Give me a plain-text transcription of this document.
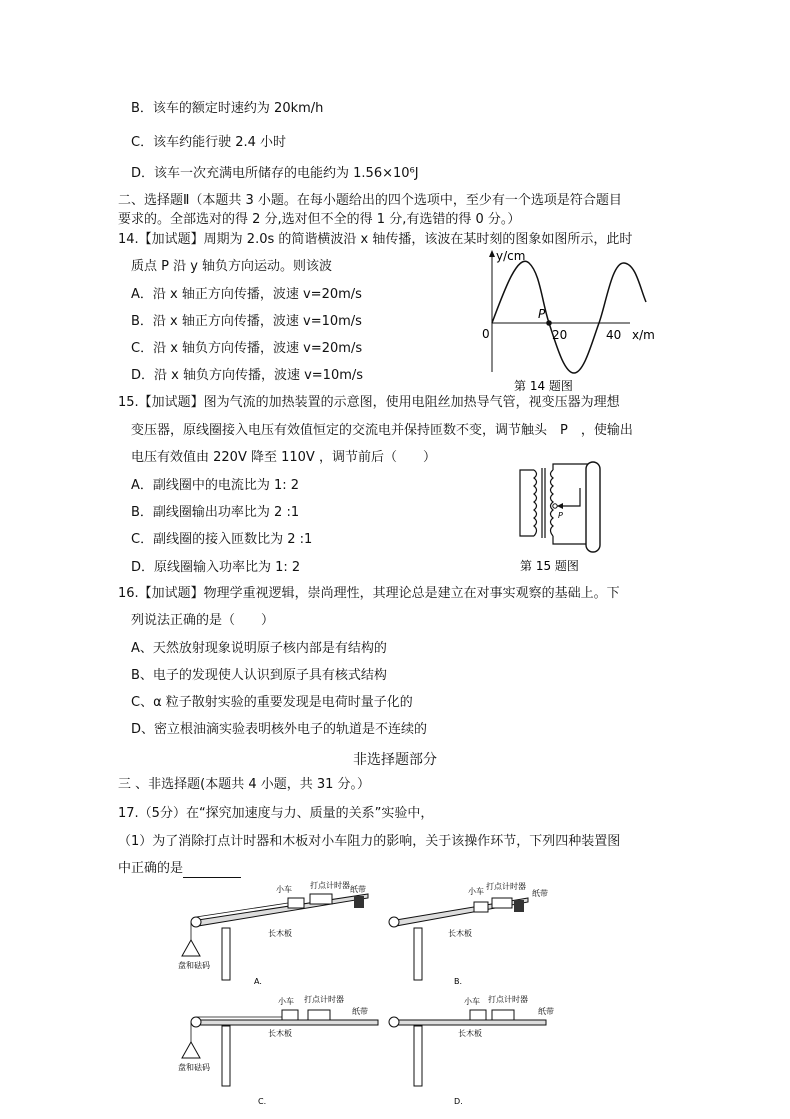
B．该车的额定时速约为 20km/h
C．该车约能行驶 2.4 小时
D．该车一次充满电所储存的电能约为 1.56×10⁶J
二、选择题Ⅱ（本题共 3 小题。在每小题给出的四个选项中，至少有一个选项是符合题目
要求的。全部选对的得 2 分,选对但不全的得 1 分,有选错的得 0 分。）
14.【加试题】周期为 2.0s 的简谐横波沿 x 轴传播，该波在某时刻的图象如图所示，此时
质点 P 沿 y 轴负方向运动。则该波
A．沿 x 轴正方向传播，波速 v=20m/s
B．沿 x 轴正方向传播，波速 v=10m/s
C．沿 x 轴负方向传播，波速 v=20m/s
D．沿 x 轴负方向传播，波速 v=10m/s
y/cm
x/m
0	20	40
P
第 14 题图
15.【加试题】图为气流的加热装置的示意图，使用电阻丝加热导气管，视变压器为理想
变压器，原线圈接入电压有效值恒定的交流电并保持匝数不变，调节触头　P　，使输出
电压有效值由 220V 降至 110V ，调节前后（　　）
A．副线圈中的电流比为 1: 2
B．副线圈输出功率比为 2 :1
C．副线圈的接入匝数比为 2 :1
D．原线圈输入功率比为 1: 2
P
第 15 题图
16.【加试题】物理学重视逻辑，崇尚理性，其理论总是建立在对事实观察的基础上。下
列说法正确的是（　　）
A、天然放射现象说明原子核内部是有结构的
B、电子的发现使人认识到原子具有核式结构
C、α 粒子散射实验的重要发现是电荷时量子化的
D、密立根油滴实验表明核外电子的轨道是不连续的
非选择题部分
三 、非选择题(本题共 4 小题，共 31 分。）
17.（5分）在“探究加速度与力、质量的关系”实验中，
（1）为了消除打点计时器和木板对小车阻力的影响，关于该操作环节，下列四种装置图
中正确的是
小车 打点计时器 纸带
长木板
盘和砝码
A.
小车
打点计时器
纸带
长木板
B.
小车 打点计时器
纸带
长木板
盘和砝码
C.
小车 打点计时器
纸带
长木板
D.
